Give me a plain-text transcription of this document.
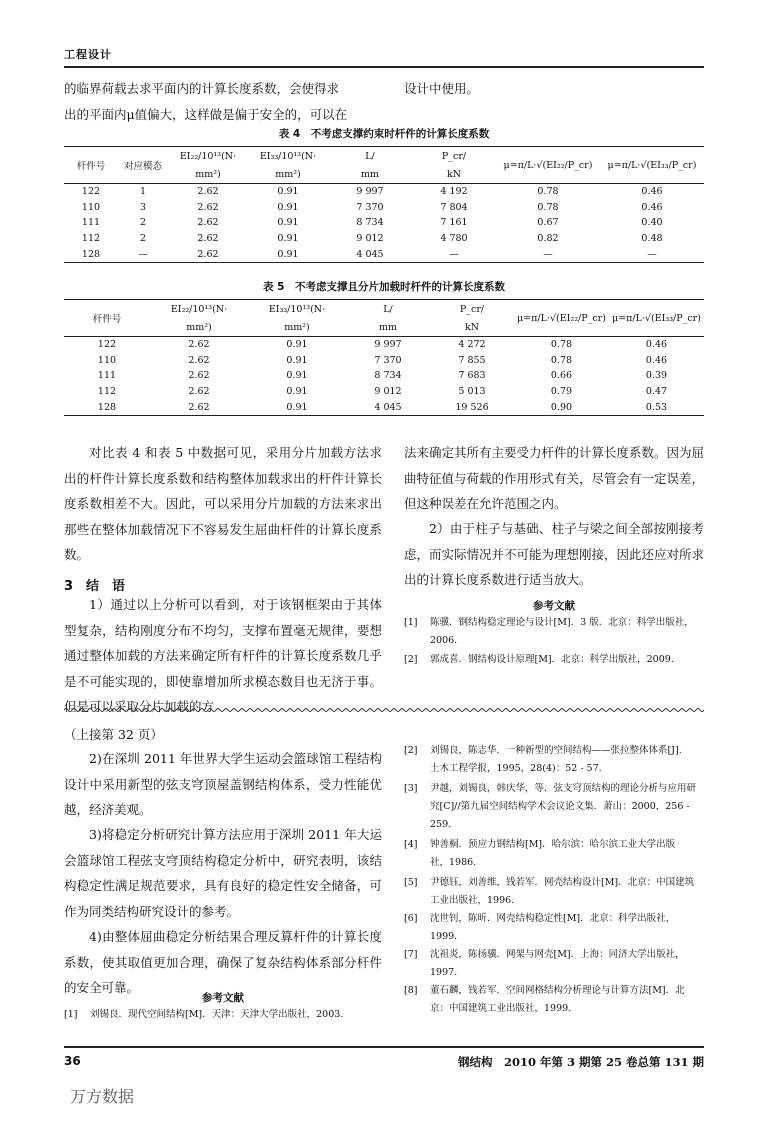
工程设计
的临界荷载去求平面内的计算长度系数，会使得求
出的平面内μ值偏大，这样做是偏于安全的，可以在
设计中使用。
表 4　不考虑支撑约束时杆件的计算长度系数
杆件号	对应模态	EI₂₂/10¹³(N·	EI₃₃/10¹³(N·	L/	P_cr/	μ=π/L·√(EI₂₂/P_cr)	μ=π/L·√(EI₃₃/P_cr)
		mm²)	mm²)	mm	kN		
122	1	2.62	0.91	9 997	4 192	0.78	0.46
110	3	2.62	0.91	7 370	7 804	0.78	0.46
111	2	2.62	0.91	8 734	7 161	0.67	0.40
112	2	2.62	0.91	9 012	4 780	0.82	0.48
128	—	2.62	0.91	4 045	—	—	—
表 5　不考虑支撑且分片加载时杆件的计算长度系数
杆件号	EI₂₂/10¹³(N·	EI₃₃/10¹³(N·	L/	P_cr/	μ=π/L·√(EI₂₂/P_cr)	μ=π/L·√(EI₃₃/P_cr)
	mm²)	mm²)	mm	kN		
122	2.62	0.91	9 997	4 272	0.78	0.46
110	2.62	0.91	7 370	7 855	0.78	0.46
111	2.62	0.91	8 734	7 683	0.66	0.39
112	2.62	0.91	9 012	5 013	0.79	0.47
128	2.62	0.91	4 045	19 526	0.90	0.53
对比表 4 和表 5 中数据可见，采用分片加载方法求出的杆件计算长度系数和结构整体加载求出的杆件计算长度系数相差不大。因此，可以采用分片加载的方法来求出那些在整体加载情况下不容易发生屈曲杆件的计算长度系数。
3　结　语
1）通过以上分析可以看到，对于该钢框架由于其体型复杂，结构刚度分布不均匀，支撑布置毫无规律，要想通过整体加载的方法来确定所有杆件的计算长度系数几乎是不可能实现的，即使靠增加所求模态数目也无济于事。但是可以采取分片加载的方
法来确定其所有主要受力杆件的计算长度系数。因为屈曲特征值与荷载的作用形式有关，尽管会有一定误差，但这种误差在允许范围之内。
2）由于柱子与基础、柱子与梁之间全部按刚接考虑，而实际情况并不可能为理想刚接，因此还应对所求出的计算长度系数进行适当放大。
参考文献
[1] 陈骥．钢结构稳定理论与设计[M]．3 版．北京：科学出版社，
2006.
[2] 郭成喜．钢结构设计原理[M]．北京：科学出版社，2009.
（上接第 32 页）
2)在深圳 2011 年世界大学生运动会篮球馆工程结构设计中采用新型的弦支穹顶屋盖钢结构体系，受力性能优越，经济美观。
3)将稳定分析研究计算方法应用于深圳 2011 年大运会篮球馆工程弦支穹顶结构稳定分析中，研究表明，该结构稳定性满足规范要求，具有良好的稳定性安全储备，可作为同类结构研究设计的参考。
4)由整体屈曲稳定分析结果合理反算杆件的计算长度系数，使其取值更加合理，确保了复杂结构体系部分杆件的安全可靠。
参考文献
[1] 刘锡良．现代空间结构[M]．天津：天津大学出版社，2003.
[2] 刘锡良，陈志华．一种新型的空间结构——张拉整体体系[J].
土木工程学报，1995，28(4)：52 - 57.
[3] 尹越，刘锡良，韩庆华，等．弦支穹顶结构的理论分析与应用研
究[C]//第九届空间结构学术会议论文集．萧山：2000，256 -
259.
[4] 钟善桐．预应力钢结构[M]．哈尔滨：哈尔滨工业大学出版
社，1986.
[5] 尹德钰，刘善维，钱若军．网壳结构设计[M]．北京：中国建筑
工业出版社，1996.
[6] 沈世钊，陈昕．网壳结构稳定性[M]．北京：科学出版社，
1999.
[7] 沈祖炎，陈扬骥．网架与网壳[M]．上海：同济大学出版社，
1997.
[8] 董石麟，钱若军．空间网格结构分析理论与计算方法[M]．北
京：中国建筑工业出版社，1999.
36	钢结构　2010 年第 3 期第 25 卷总第 131 期
万方数据
